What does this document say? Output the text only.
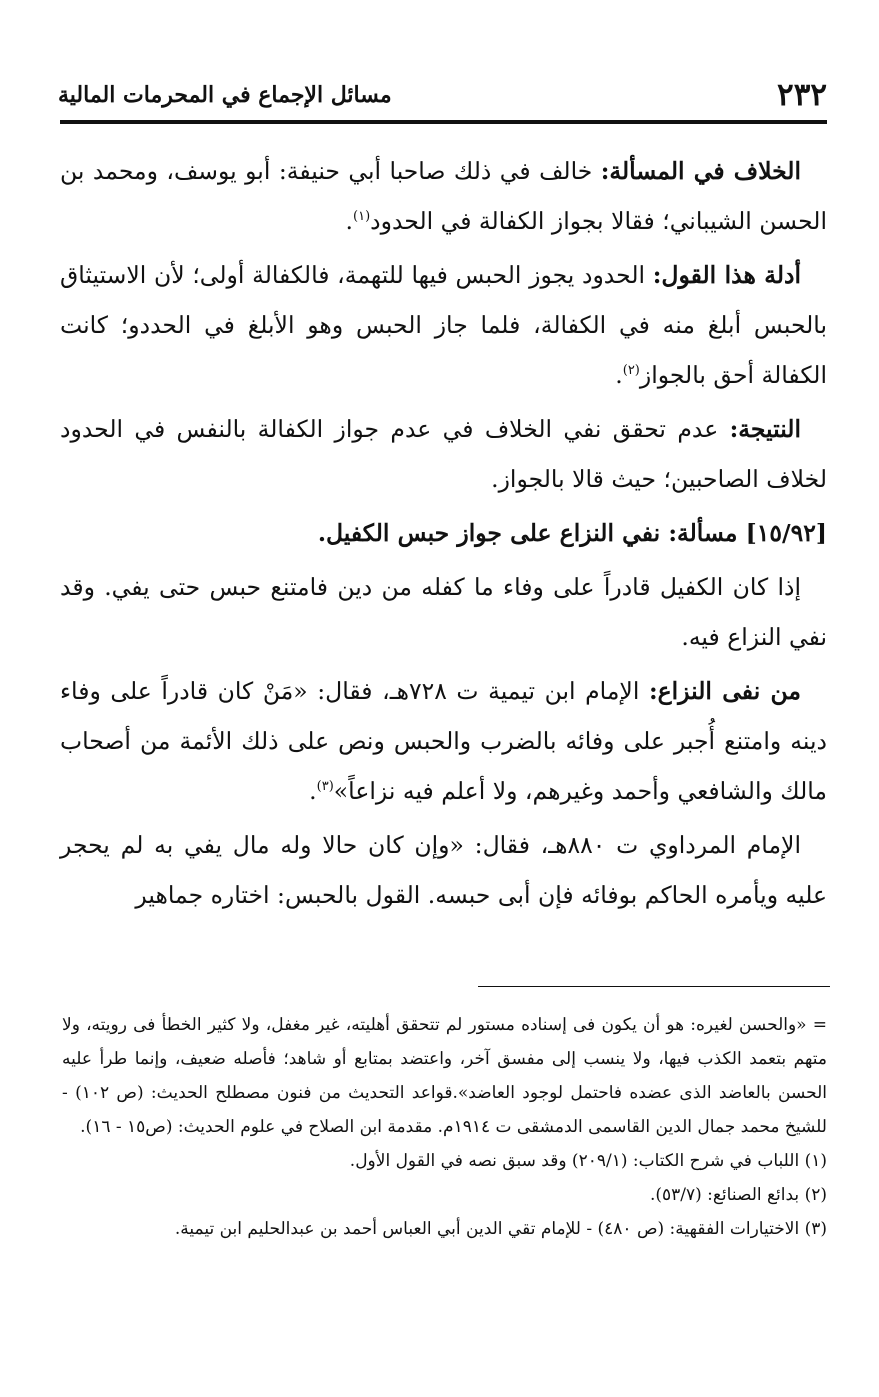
٢٣٢
مسائل الإجماع في المحرمات المالية

الخلاف في المسألة: خالف في ذلك صاحبا أبي حنيفة: أبو يوسف، ومحمد بن الحسن الشيباني؛ فقالا بجواز الكفالة في الحدود$^{(١)}$.

أدلة هذا القول: الحدود يجوز الحبس فيها للتهمة، فالكفالة أولى؛ لأن الاستيثاق بالحبس أبلغ منه في الكفالة، فلما جاز الحبس وهو الأبلغ في الحددو؛ كانت الكفالة أحق بالجواز$^{(٢)}$.

النتيجة: عدم تحقق نفي الخلاف في عدم جواز الكفالة بالنفس في الحدود لخلاف الصاحبين؛ حيث قالا بالجواز.

[١٥/٩٢] مسألة: نفي النزاع على جواز حبس الكفيل.

إذا كان الكفيل قادراً على وفاء ما كفله من دين فامتنع حبس حتى يفي. وقد نفي النزاع فيه.

من نفى النزاع: الإمام ابن تيمية ت ٧٢٨هـ، فقال: «مَنْ كان قادراً على وفاء دينه وامتنع أُجبر على وفائه بالضرب والحبس ونص على ذلك الأئمة من أصحاب مالك والشافعي وأحمد وغيرهم، ولا أعلم فيه نزاعاً»$^{(٣)}$.

الإمام المرداوي ت ٨٨٠هـ، فقال: «وإن كان حالا وله مال يفي به لم يحجر عليه ويأمره الحاكم بوفائه فإن أبى حبسه. القول بالحبس: اختاره جماهير

= «والحسن لغيره: هو أن يكون فى إسناده مستور لم تتحقق أهليته، غير مغفل، ولا كثير الخطأ فى رويته، ولا متهم بتعمد الكذب فيها، ولا ينسب إلى مفسق آخر، واعتضد بمتابع أو شاهد؛ فأصله ضعيف، وإنما طرأ عليه الحسن بالعاضد الذى عضده فاحتمل لوجود العاضد».قواعد التحديث من فنون مصطلح الحديث: (ص ١٠٢) - للشيخ محمد جمال الدين القاسمى الدمشقى ت ١٩١٤م. مقدمة ابن الصلاح في علوم الحديث: (ص١٥ - ١٦).

(١) اللباب في شرح الكتاب: (٢٠٩/١) وقد سبق نصه في القول الأول.

(٢) بدائع الصنائع: (٥٣/٧).

(٣) الاختيارات الفقهية: (ص ٤٨٠) - للإمام تقي الدين أبي العباس أحمد بن عبدالحليم ابن تيمية.
